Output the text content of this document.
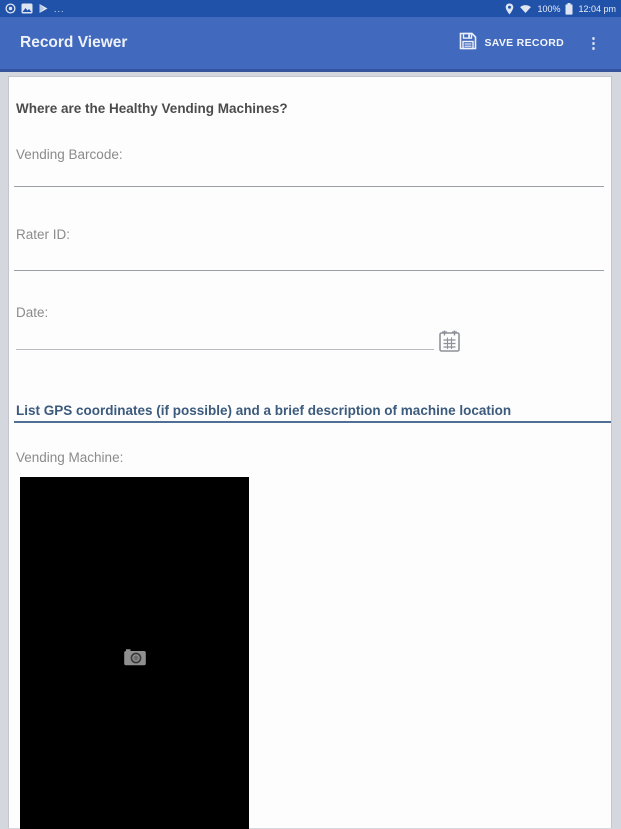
...	100% 12:04 pm
Record Viewer	SAVE RECORD	⋮
Where are the Healthy Vending Machines?
Vending Barcode:
Rater ID:
Date:
List GPS coordinates (if possible) and a brief description of machine location
Vending Machine:
